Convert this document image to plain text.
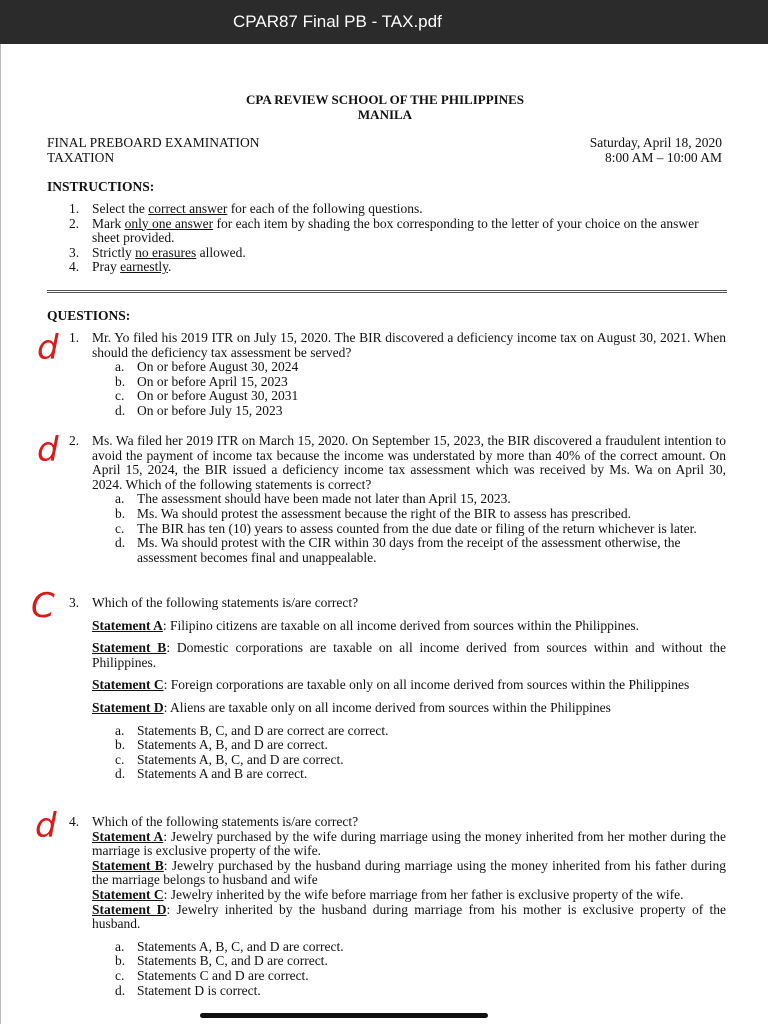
CPAR87 Final PB - TAX.pdf
CPA REVIEW SCHOOL OF THE PHILIPPINES
MANILA
FINAL PREBOARD EXAMINATION
TAXATION
Saturday, April 18, 2020
8:00 AM – 10:00 AM
INSTRUCTIONS:
1. Select the correct answer for each of the following questions.
2. Mark only one answer for each item by shading the box corresponding to the letter of your choice on the answer sheet provided.
3. Strictly no erasures allowed.
4. Pray earnestly.
QUESTIONS:
d 1. Mr. Yo filed his 2019 ITR on July 15, 2020. The BIR discovered a deficiency income tax on August 30, 2021. When should the deficiency tax assessment be served?
a. On or before August 30, 2024
b. On or before April 15, 2023
c. On or before August 30, 2031
d. On or before July 15, 2023
d 2. Ms. Wa filed her 2019 ITR on March 15, 2020. On September 15, 2023, the BIR discovered a fraudulent intention to avoid the payment of income tax because the income was understated by more than 40% of the correct amount. On April 15, 2024, the BIR issued a deficiency income tax assessment which was received by Ms. Wa on April 30, 2024. Which of the following statements is correct?
a. The assessment should have been made not later than April 15, 2023.
b. Ms. Wa should protest the assessment because the right of the BIR to assess has prescribed.
c. The BIR has ten (10) years to assess counted from the due date or filing of the return whichever is later.
d. Ms. Wa should protest with the CIR within 30 days from the receipt of the assessment otherwise, the assessment becomes final and unappealable.
C 3. Which of the following statements is/are correct?
Statement A: Filipino citizens are taxable on all income derived from sources within the Philippines.
Statement B: Domestic corporations are taxable on all income derived from sources within and without the Philippines.
Statement C: Foreign corporations are taxable only on all income derived from sources within the Philippines
Statement D: Aliens are taxable only on all income derived from sources within the Philippines
a. Statements B, C, and D are correct are correct.
b. Statements A, B, and D are correct.
c. Statements A, B, C, and D are correct.
d. Statements A and B are correct.
d 4. Which of the following statements is/are correct?
Statement A: Jewelry purchased by the wife during marriage using the money inherited from her mother during the marriage is exclusive property of the wife.
Statement B: Jewelry purchased by the husband during marriage using the money inherited from his father during the marriage belongs to husband and wife
Statement C: Jewelry inherited by the wife before marriage from her father is exclusive property of the wife.
Statement D: Jewelry inherited by the husband during marriage from his mother is exclusive property of the husband.
a. Statements A, B, C, and D are correct.
b. Statements B, C, and D are correct.
c. Statements C and D are correct.
d. Statement D is correct.
